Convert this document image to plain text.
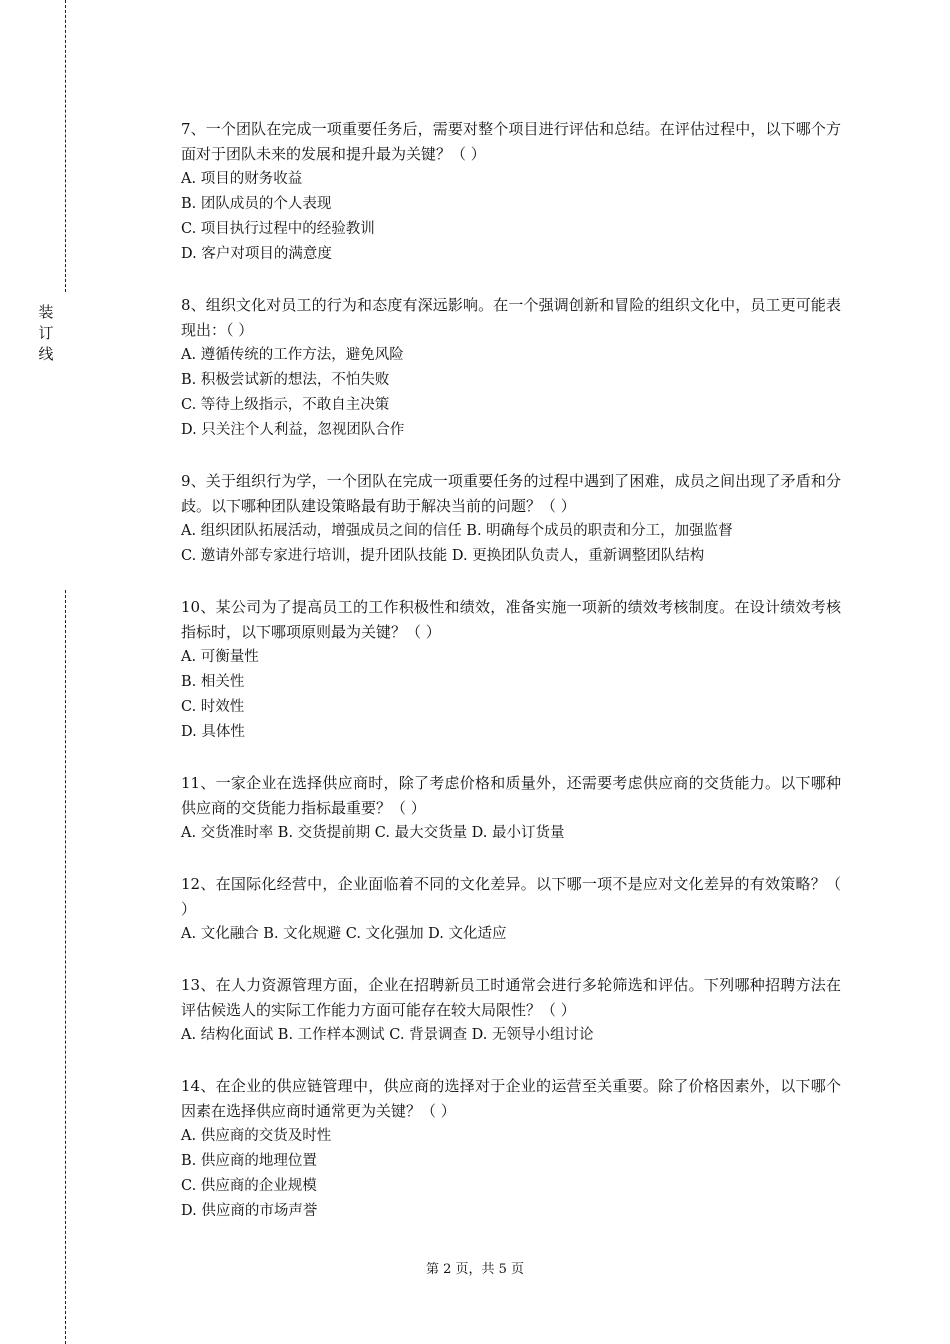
装
订
线

7、一个团队在完成一项重要任务后，需要对整个项目进行评估和总结。在评估过程中，以下哪个方面对于团队未来的发展和提升最为关键？（ ）

A. 项目的财务收益

B. 团队成员的个人表现

C. 项目执行过程中的经验教训

D. 客户对项目的满意度

8、组织文化对员工的行为和态度有深远影响。在一个强调创新和冒险的组织文化中，员工更可能表现出：（ ）

A. 遵循传统的工作方法，避免风险

B. 积极尝试新的想法，不怕失败

C. 等待上级指示，不敢自主决策

D. 只关注个人利益，忽视团队合作

9、关于组织行为学，一个团队在完成一项重要任务的过程中遇到了困难，成员之间出现了矛盾和分歧。以下哪种团队建设策略最有助于解决当前的问题？（ ）

A. 组织团队拓展活动，增强成员之间的信任 B. 明确每个成员的职责和分工，加强监督

C. 邀请外部专家进行培训，提升团队技能 D. 更换团队负责人，重新调整团队结构

10、某公司为了提高员工的工作积极性和绩效，准备实施一项新的绩效考核制度。在设计绩效考核指标时，以下哪项原则最为关键？（ ）

A. 可衡量性

B. 相关性

C. 时效性

D. 具体性

11、一家企业在选择供应商时，除了考虑价格和质量外，还需要考虑供应商的交货能力。以下哪种供应商的交货能力指标最重要？（ ）

A. 交货准时率 B. 交货提前期 C. 最大交货量 D. 最小订货量

12、在国际化经营中，企业面临着不同的文化差异。以下哪一项不是应对文化差异的有效策略？（ ）

A. 文化融合 B. 文化规避 C. 文化强加 D. 文化适应

13、在人力资源管理方面，企业在招聘新员工时通常会进行多轮筛选和评估。下列哪种招聘方法在评估候选人的实际工作能力方面可能存在较大局限性？（ ）

A. 结构化面试 B. 工作样本测试 C. 背景调查 D. 无领导小组讨论

14、在企业的供应链管理中，供应商的选择对于企业的运营至关重要。除了价格因素外，以下哪个因素在选择供应商时通常更为关键？（ ）

A. 供应商的交货及时性

B. 供应商的地理位置

C. 供应商的企业规模

D. 供应商的市场声誉

第 2 页，共 5 页
